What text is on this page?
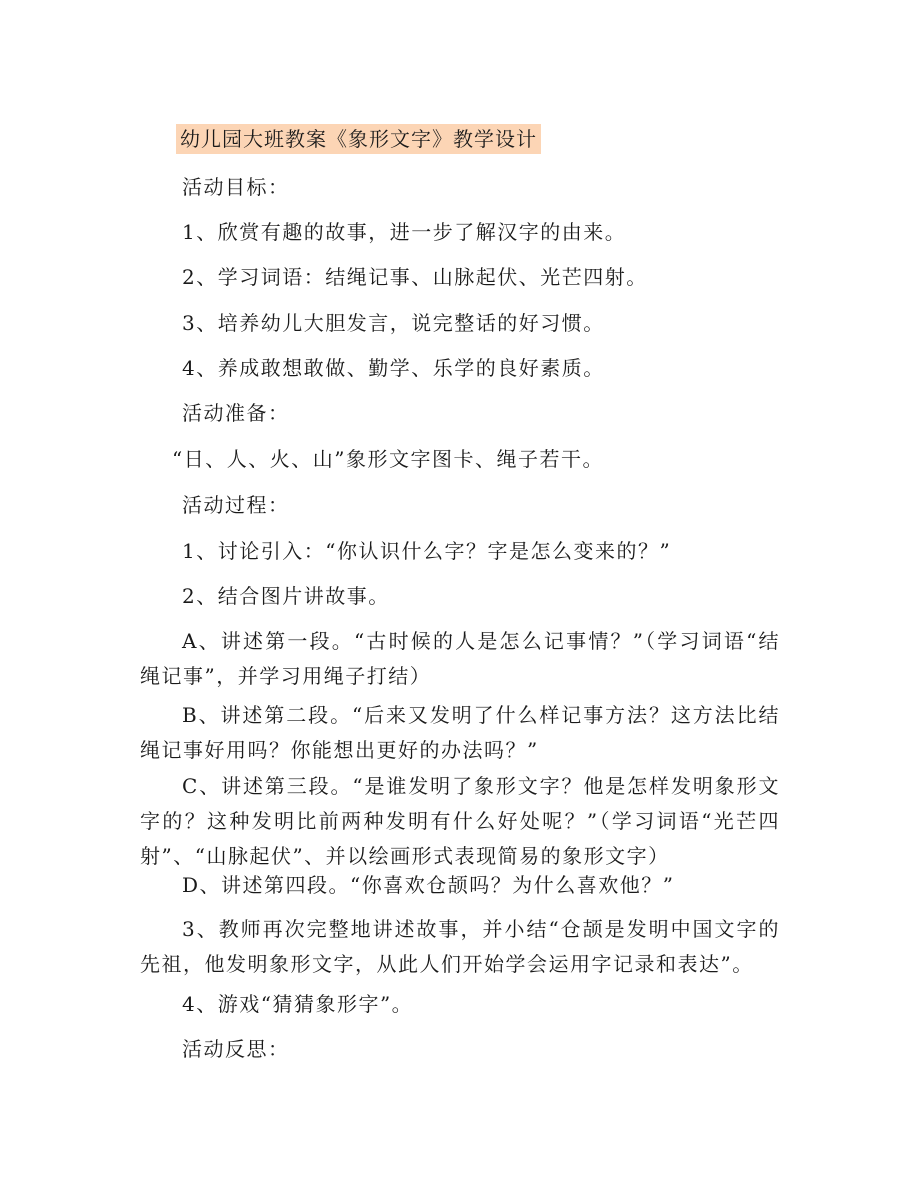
幼儿园大班教案《象形文字》教学设计
活动目标：
1、欣赏有趣的故事，进一步了解汉字的由来。
2、学习词语：结绳记事、山脉起伏、光芒四射。
3、培养幼儿大胆发言，说完整话的好习惯。
4、养成敢想敢做、勤学、乐学的良好素质。
活动准备：
“日、人、火、山”象形文字图卡、绳子若干。
活动过程：
1、讨论引入：“你认识什么字？字是怎么变来的？”
2、结合图片讲故事。
A、讲述第一段。“古时候的人是怎么记事情？”（学习词语“结绳记事”，并学习用绳子打结）
B、讲述第二段。“后来又发明了什么样记事方法？这方法比结绳记事好用吗？你能想出更好的办法吗？”
C、讲述第三段。“是谁发明了象形文字？他是怎样发明象形文字的？这种发明比前两种发明有什么好处呢？”（学习词语“光芒四射”、“山脉起伏”、并以绘画形式表现简易的象形文字）
D、讲述第四段。“你喜欢仓颉吗？为什么喜欢他？”
3、教师再次完整地讲述故事，并小结“仓颉是发明中国文字的先祖，他发明象形文字，从此人们开始学会运用字记录和表达”。
4、游戏“猜猜象形字”。
活动反思：
